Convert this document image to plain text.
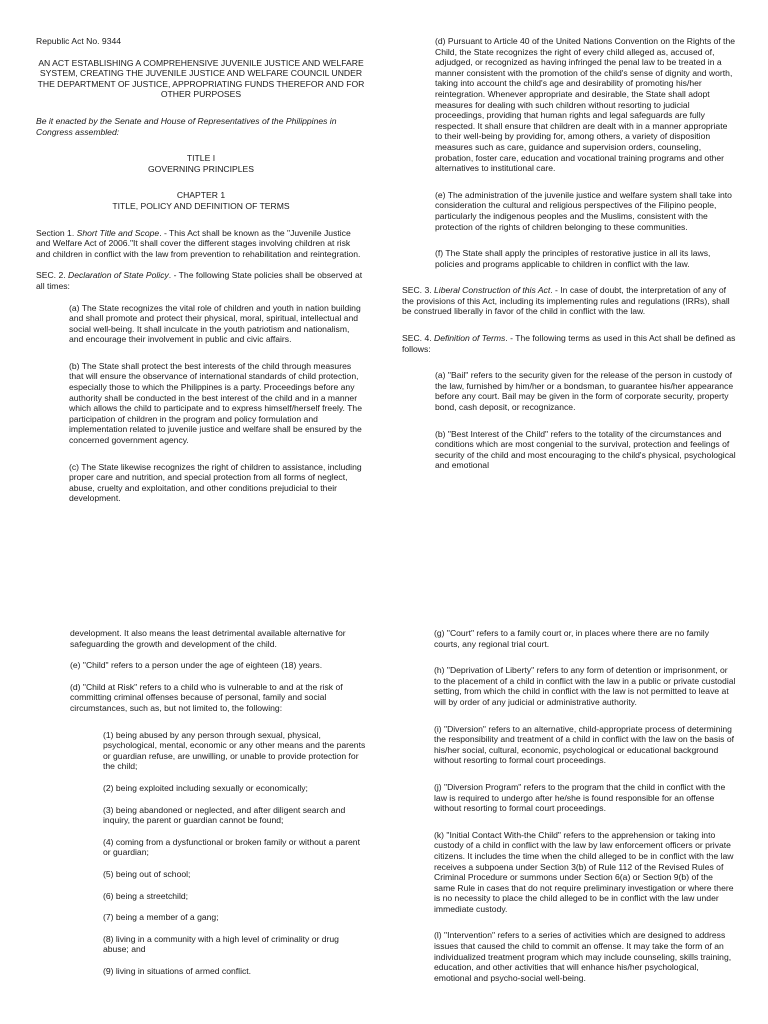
Republic Act No. 9344

AN ACT ESTABLISHING A COMPREHENSIVE JUVENILE JUSTICE AND WELFARE SYSTEM, CREATING THE JUVENILE JUSTICE AND WELFARE COUNCIL UNDER THE DEPARTMENT OF JUSTICE, APPROPRIATING FUNDS THEREFOR AND FOR OTHER PURPOSES

Be it enacted by the Senate and House of Representatives of the Philippines in Congress assembled:

TITLE I

GOVERNING PRINCIPLES

CHAPTER 1

TITLE, POLICY AND DEFINITION OF TERMS

Section 1. Short Title and Scope. - This Act shall be known as the "Juvenile Justice and Welfare Act of 2006."It shall cover the different stages involving children at risk and children in conflict with the law from prevention to rehabilitation and reintegration.

SEC. 2. Declaration of State Policy. - The following State policies shall be observed at all times:

(a) The State recognizes the vital role of children and youth in nation building and shall promote and protect their physical, moral, spiritual, intellectual and social well-being. It shall inculcate in the youth patriotism and nationalism, and encourage their involvement in public and civic affairs.

(b) The State shall protect the best interests of the child through measures that will ensure the observance of international standards of child protection, especially those to which the Philippines is a party. Proceedings before any authority shall be conducted in the best interest of the child and in a manner which allows the child to participate and to express himself/herself freely. The participation of children in the program and policy formulation and implementation related to juvenile justice and welfare shall be ensured by the concerned government agency.

(c) The State likewise recognizes the right of children to assistance, including proper care and nutrition, and special protection from all forms of neglect, abuse, cruelty and exploitation, and other conditions prejudicial to their development.

(d) Pursuant to Article 40 of the United Nations Convention on the Rights of the Child, the State recognizes the right of every child alleged as, accused of, adjudged, or recognized as having infringed the penal law to be treated in a manner consistent with the promotion of the child's sense of dignity and worth, taking into account the child's age and desirability of promoting his/her reintegration. Whenever appropriate and desirable, the State shall adopt measures for dealing with such children without resorting to judicial proceedings, providing that human rights and legal safeguards are fully respected. It shall ensure that children are dealt with in a manner appropriate to their well-being by providing for, among others, a variety of disposition measures such as care, guidance and supervision orders, counseling, probation, foster care, education and vocational training programs and other alternatives to institutional care.

(e) The administration of the juvenile justice and welfare system shall take into consideration the cultural and religious perspectives of the Filipino people, particularly the indigenous peoples and the Muslims, consistent with the protection of the rights of children belonging to these communities.

(f) The State shall apply the principles of restorative justice in all its laws, policies and programs applicable to children in conflict with the law.

SEC. 3. Liberal Construction of this Act. - In case of doubt, the interpretation of any of the provisions of this Act, including its implementing rules and regulations (IRRs), shall be construed liberally in favor of the child in conflict with the law.

SEC. 4. Definition of Terms. - The following terms as used in this Act shall be defined as follows:

(a) "Bail" refers to the security given for the release of the person in custody of the law, furnished by him/her or a bondsman, to guarantee his/her appearance before any court. Bail may be given in the form of corporate security, property bond, cash deposit, or recognizance.

(b) "Best Interest of the Child" refers to the totality of the circumstances and conditions which are most congenial to the survival, protection and feelings of security of the child and most encouraging to the child's physical, psychological and emotional

development. It also means the least detrimental available alternative for safeguarding the growth and development of the child.

(e) "Child" refers to a person under the age of eighteen (18) years.

(d) "Child at Risk" refers to a child who is vulnerable to and at the risk of committing criminal offenses because of personal, family and social circumstances, such as, but not limited to, the following:

(1) being abused by any person through sexual, physical, psychological, mental, economic or any other means and the parents or guardian refuse, are unwilling, or unable to provide protection for the child;

(2) being exploited including sexually or economically;

(3) being abandoned or neglected, and after diligent search and inquiry, the parent or guardian cannot be found;

(4) coming from a dysfunctional or broken family or without a parent or guardian;

(5) being out of school;

(6) being a streetchild;

(7) being a member of a gang;

(8) living in a community with a high level of criminality or drug abuse; and

(9) living in situations of armed conflict.

(g) "Court" refers to a family court or, in places where there are no family courts, any regional trial court.

(h) "Deprivation of Liberty" refers to any form of detention or imprisonment, or to the placement of a child in conflict with the law in a public or private custodial setting, from which the child in conflict with the law is not permitted to leave at will by order of any judicial or administrative authority.

(i) "Diversion" refers to an alternative, child-appropriate process of determining the responsibility and treatment of a child in conflict with the law on the basis of his/her social, cultural, economic, psychological or educational background without resorting to formal court proceedings.

(j) "Diversion Program" refers to the program that the child in conflict with the law is required to undergo after he/she is found responsible for an offense without resorting to formal court proceedings.

(k) "Initial Contact With-the Child" refers to the apprehension or taking into custody of a child in conflict with the law by law enforcement officers or private citizens. It includes the time when the child alleged to be in conflict with the law receives a subpoena under Section 3(b) of Rule 112 of the Revised Rules of Criminal Procedure or summons under Section 6(a) or Section 9(b) of the same Rule in cases that do not require preliminary investigation or where there is no necessity to place the child alleged to be in conflict with the law under immediate custody.

(l) "Intervention" refers to a series of activities which are designed to address issues that caused the child to commit an offense. It may take the form of an individualized treatment program which may include counseling, skills training, education, and other activities that will enhance his/her psychological, emotional and psycho-social well-being.
